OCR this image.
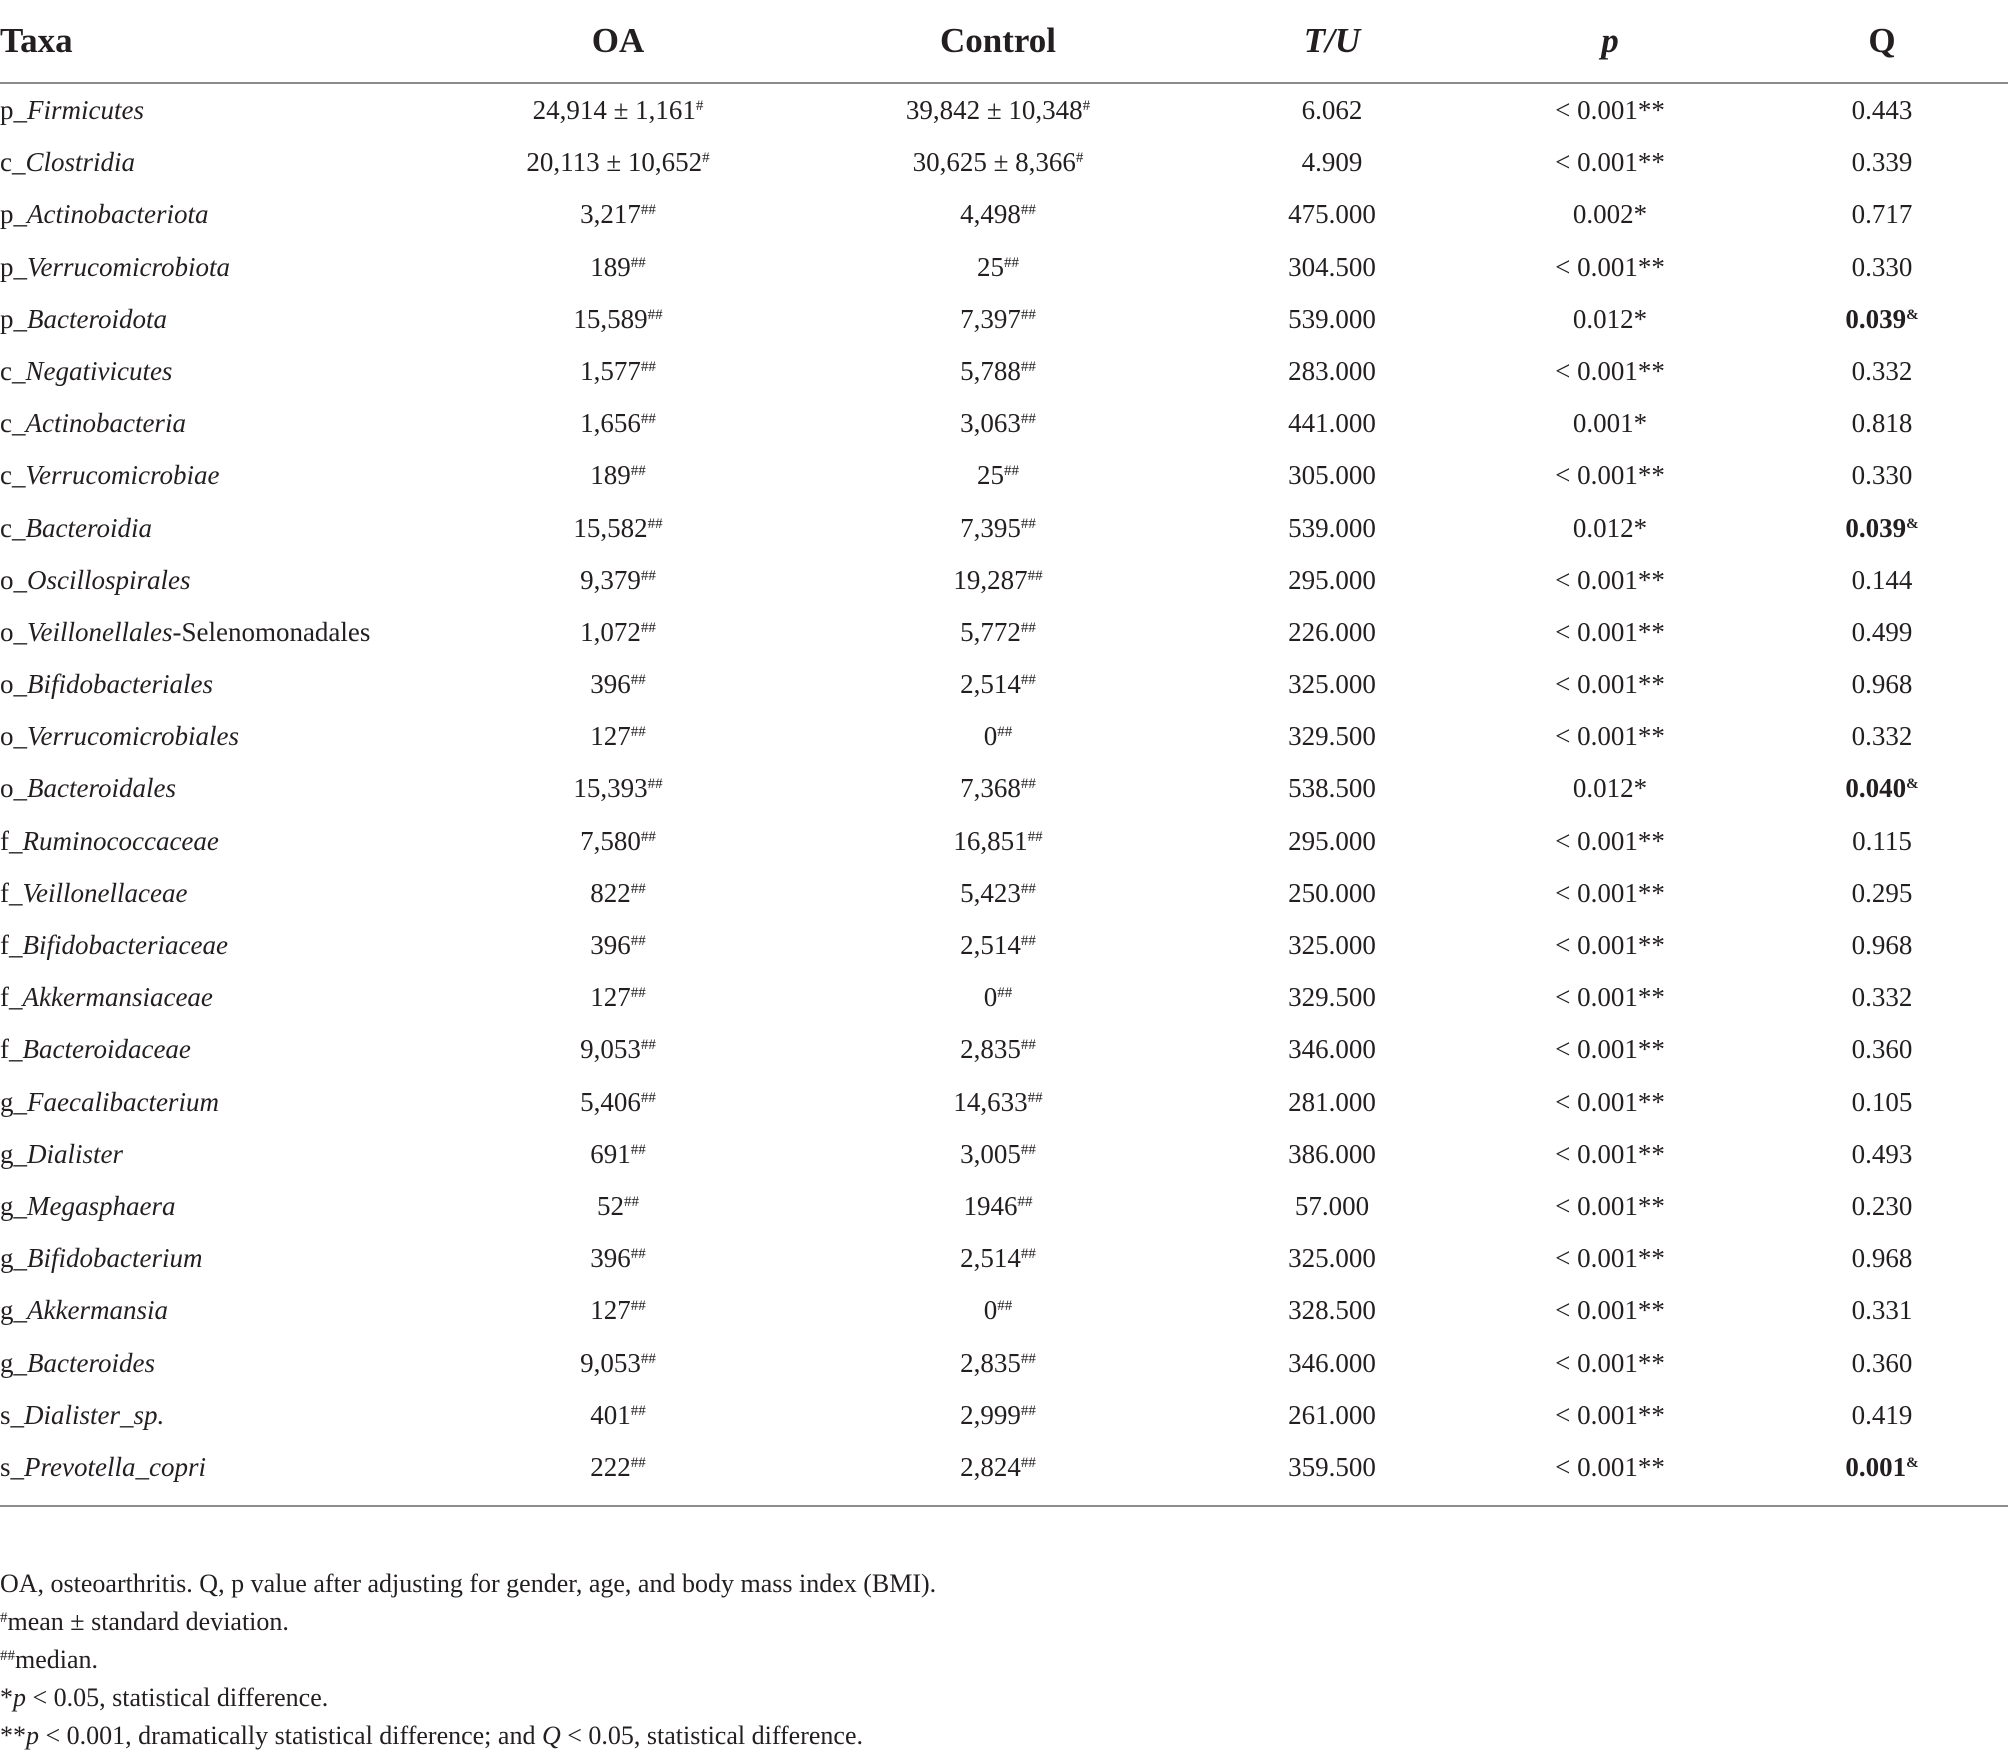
Taxa	OA	Control	T/U	p	Q
p_Firmicutes	24,914 ± 1,161#	39,842 ± 10,348#	6.062	< 0.001**	0.443
c_Clostridia	20,113 ± 10,652#	30,625 ± 8,366#	4.909	< 0.001**	0.339
p_Actinobacteriota	3,217##	4,498##	475.000	0.002*	0.717
p_Verrucomicrobiota	189##	25##	304.500	< 0.001**	0.330
p_Bacteroidota	15,589##	7,397##	539.000	0.012*	0.039&
c_Negativicutes	1,577##	5,788##	283.000	< 0.001**	0.332
c_Actinobacteria	1,656##	3,063##	441.000	0.001*	0.818
c_Verrucomicrobiae	189##	25##	305.000	< 0.001**	0.330
c_Bacteroidia	15,582##	7,395##	539.000	0.012*	0.039&
o_Oscillospirales	9,379##	19,287##	295.000	< 0.001**	0.144
o_Veillonellales-Selenomonadales	1,072##	5,772##	226.000	< 0.001**	0.499
o_Bifidobacteriales	396##	2,514##	325.000	< 0.001**	0.968
o_Verrucomicrobiales	127##	0##	329.500	< 0.001**	0.332
o_Bacteroidales	15,393##	7,368##	538.500	0.012*	0.040&
f_Ruminococcaceae	7,580##	16,851##	295.000	< 0.001**	0.115
f_Veillonellaceae	822##	5,423##	250.000	< 0.001**	0.295
f_Bifidobacteriaceae	396##	2,514##	325.000	< 0.001**	0.968
f_Akkermansiaceae	127##	0##	329.500	< 0.001**	0.332
f_Bacteroidaceae	9,053##	2,835##	346.000	< 0.001**	0.360
g_Faecalibacterium	5,406##	14,633##	281.000	< 0.001**	0.105
g_Dialister	691##	3,005##	386.000	< 0.001**	0.493
g_Megasphaera	52##	1946##	57.000	< 0.001**	0.230
g_Bifidobacterium	396##	2,514##	325.000	< 0.001**	0.968
g_Akkermansia	127##	0##	328.500	< 0.001**	0.331
g_Bacteroides	9,053##	2,835##	346.000	< 0.001**	0.360
s_Dialister_sp.	401##	2,999##	261.000	< 0.001**	0.419
s_Prevotella_copri	222##	2,824##	359.500	< 0.001**	0.001&
OA, osteoarthritis. Q, p value after adjusting for gender, age, and body mass index (BMI).
#mean ± standard deviation.
##median.
*p < 0.05, statistical difference.
**p < 0.001, dramatically statistical difference; and Q < 0.05, statistical difference.
